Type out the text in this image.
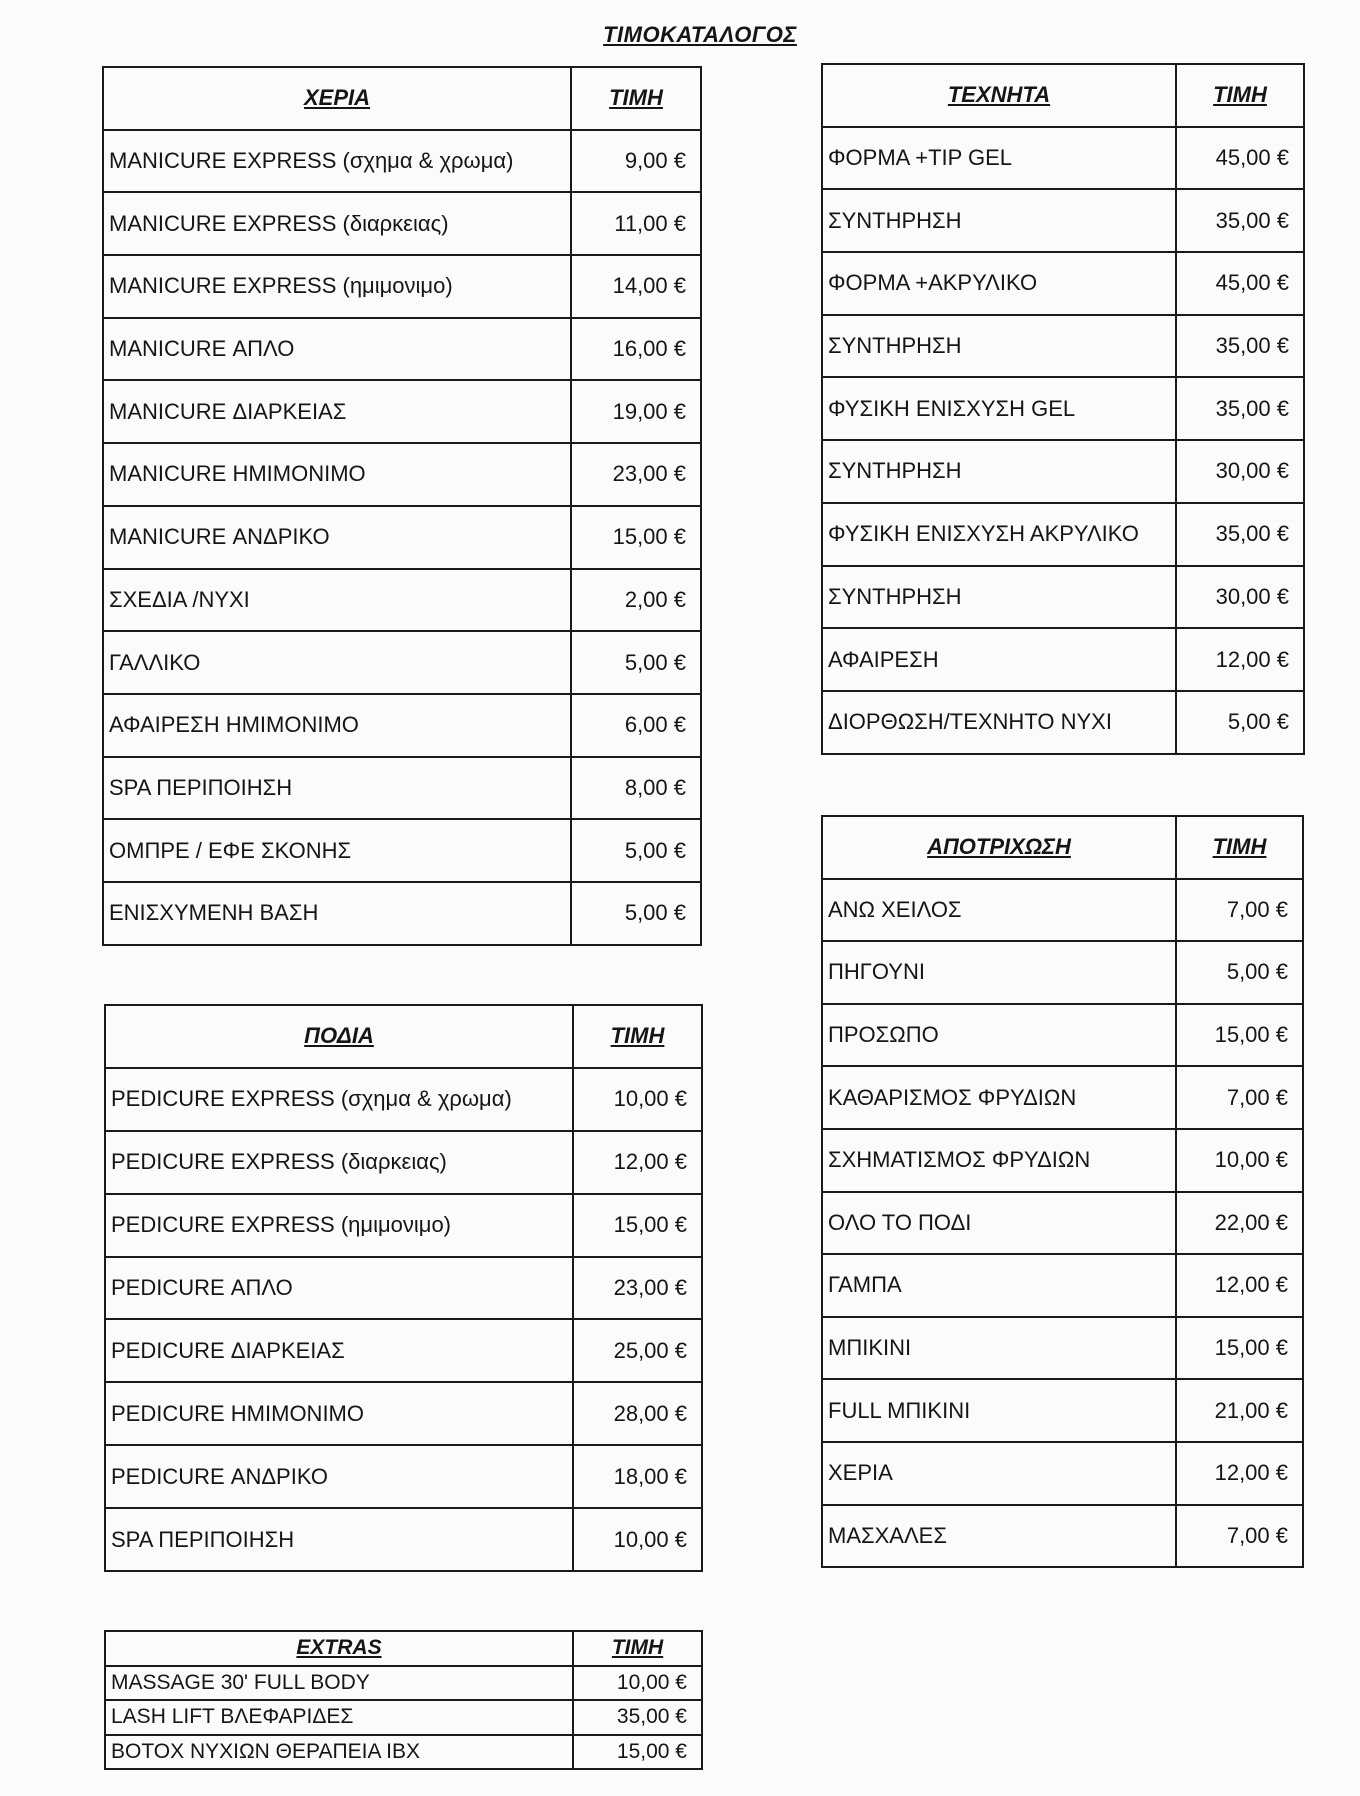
ΤΙΜΟΚΑΤΑΛΟΓΟΣ
ΧΕΡΙΑ	ΤΙΜΗ
MANICURE EXPRESS (σχημα & χρωμα)	9,00 €
MANICURE EXPRESS (διαρκειας)	11,00 €
MANICURE EXPRESS (ημιμονιμο)	14,00 €
MANICURE ΑΠΛΟ	16,00 €
MANICURE ΔΙΑΡΚΕΙΑΣ	19,00 €
MANICURE ΗΜΙΜΟΝΙΜΟ	23,00 €
MANICURE ΑΝΔΡΙΚΟ	15,00 €
ΣΧΕΔΙΑ /ΝΥΧΙ	2,00 €
ΓΑΛΛΙΚΟ	5,00 €
ΑΦΑΙΡΕΣΗ ΗΜΙΜΟΝΙΜΟ	6,00 €
SPA ΠΕΡΙΠΟΙΗΣΗ	8,00 €
ΟΜΠΡΕ / ΕΦΕ ΣΚΟΝΗΣ	5,00 €
ΕΝΙΣΧΥΜΕΝΗ ΒΑΣΗ	5,00 €
ΠΟΔΙΑ	ΤΙΜΗ
PEDICURE EXPRESS (σχημα & χρωμα)	10,00 €
PEDICURE EXPRESS (διαρκειας)	12,00 €
PEDICURE EXPRESS (ημιμονιμο)	15,00 €
PEDICURE ΑΠΛΟ	23,00 €
PEDICURE ΔΙΑΡΚΕΙΑΣ	25,00 €
PEDICURE ΗΜΙΜΟΝΙΜΟ	28,00 €
PEDICURE ΑΝΔΡΙΚΟ	18,00 €
SPA ΠΕΡΙΠΟΙΗΣΗ	10,00 €
EXTRAS	ΤΙΜΗ
MASSAGE 30' FULL BODY	10,00 €
LASH LIFT ΒΛΕΦΑΡΙΔΕΣ	35,00 €
BOTOX ΝΥΧΙΩΝ ΘΕΡΑΠΕΙΑ IBX	15,00 €
ΤΕΧΝΗΤΑ	ΤΙΜΗ
ΦΟΡΜΑ +TIP GEL	45,00 €
ΣΥΝΤΗΡΗΣΗ	35,00 €
ΦΟΡΜΑ +ΑΚΡΥΛΙΚΟ	45,00 €
ΣΥΝΤΗΡΗΣΗ	35,00 €
ΦΥΣΙΚΗ ΕΝΙΣΧΥΣΗ GEL	35,00 €
ΣΥΝΤΗΡΗΣΗ	30,00 €
ΦΥΣΙΚΗ ΕΝΙΣΧΥΣΗ ΑΚΡΥΛΙΚΟ	35,00 €
ΣΥΝΤΗΡΗΣΗ	30,00 €
ΑΦΑΙΡΕΣΗ	12,00 €
ΔΙΟΡΘΩΣΗ/ΤΕΧΝΗΤΟ ΝΥΧΙ	5,00 €
ΑΠΟΤΡΙΧΩΣΗ	ΤΙΜΗ
ΑΝΩ ΧΕΙΛΟΣ	7,00 €
ΠΗΓΟΥΝΙ	5,00 €
ΠΡΟΣΩΠΟ	15,00 €
ΚΑΘΑΡΙΣΜΟΣ ΦΡΥΔΙΩΝ	7,00 €
ΣΧΗΜΑΤΙΣΜΟΣ ΦΡΥΔΙΩΝ	10,00 €
ΟΛΟ ΤΟ ΠΟΔΙ	22,00 €
ΓΑΜΠΑ	12,00 €
ΜΠΙΚΙΝΙ	15,00 €
FULL ΜΠΙΚΙΝΙ	21,00 €
ΧΕΡΙΑ	12,00 €
ΜΑΣΧΑΛΕΣ	7,00 €
